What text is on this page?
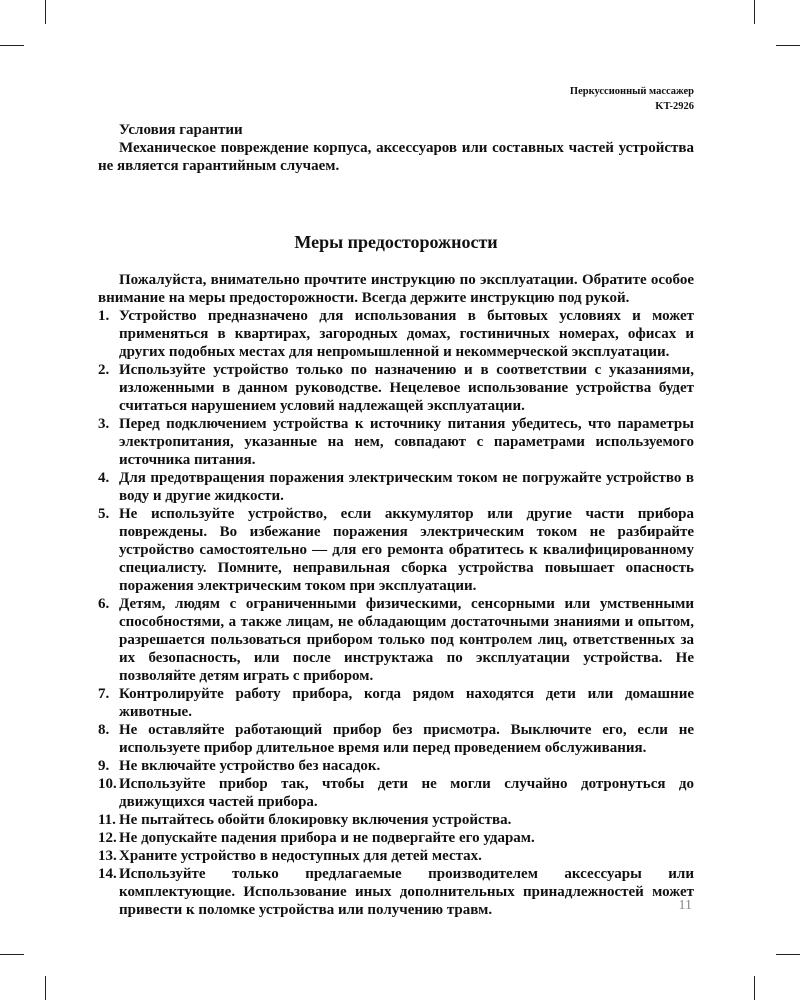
Перкуссионный массажер
KT-2926
Условия гарантии

Механическое повреждение корпуса, аксессуаров или составных частей устройства не является гарантийным случаем.

Меры предосторожности

Пожалуйста, внимательно прочтите инструкцию по эксплуатации. Обратите особое внимание на меры предосторожности. Всегда держите инструкцию под рукой.

1. Устройство предназначено для использования в бытовых условиях и может применяться в квартирах, загородных домах, гостиничных номерах, офисах и других подобных местах для непромышленной и некоммерческой эксплуатации.
2. Используйте устройство только по назначению и в соответствии с указаниями, изложенными в данном руководстве. Нецелевое использование устройства будет считаться нарушением условий надлежащей эксплуатации.
3. Перед подключением устройства к источнику питания убедитесь, что параметры электропитания, указанные на нем, совпадают с параметрами используемого источника питания.
4. Для предотвращения поражения электрическим током не погружайте устройство в воду и другие жидкости.
5. Не используйте устройство, если аккумулятор или другие части прибора повреждены. Во избежание поражения электрическим током не разбирайте устройство самостоятельно — для его ремонта обратитесь к квалифицированному специалисту. Помните, неправильная сборка устройства повышает опасность поражения электрическим током при эксплуатации.
6. Детям, людям с ограниченными физическими, сенсорными или умственными способностями, а также лицам, не обладающим достаточными знаниями и опытом, разрешается пользоваться прибором только под контролем лиц, ответственных за их безопасность, или после инструктажа по эксплуатации устройства. Не позволяйте детям играть с прибором.
7. Контролируйте работу прибора, когда рядом находятся дети или домашние животные.
8. Не оставляйте работающий прибор без присмотра. Выключите его, если не используете прибор длительное время или перед проведением обслуживания.
9. Не включайте устройство без насадок.
10. Используйте прибор так, чтобы дети не могли случайно дотронуться до движущихся частей прибора.
11. Не пытайтесь обойти блокировку включения устройства.
12. Не допускайте падения прибора и не подвергайте его ударам.
13. Храните устройство в недоступных для детей местах.
14. Используйте только предлагаемые производителем аксессуары или комплектующие. Использование иных дополнительных принадлежностей может привести к поломке устройства или получению травм.	11
